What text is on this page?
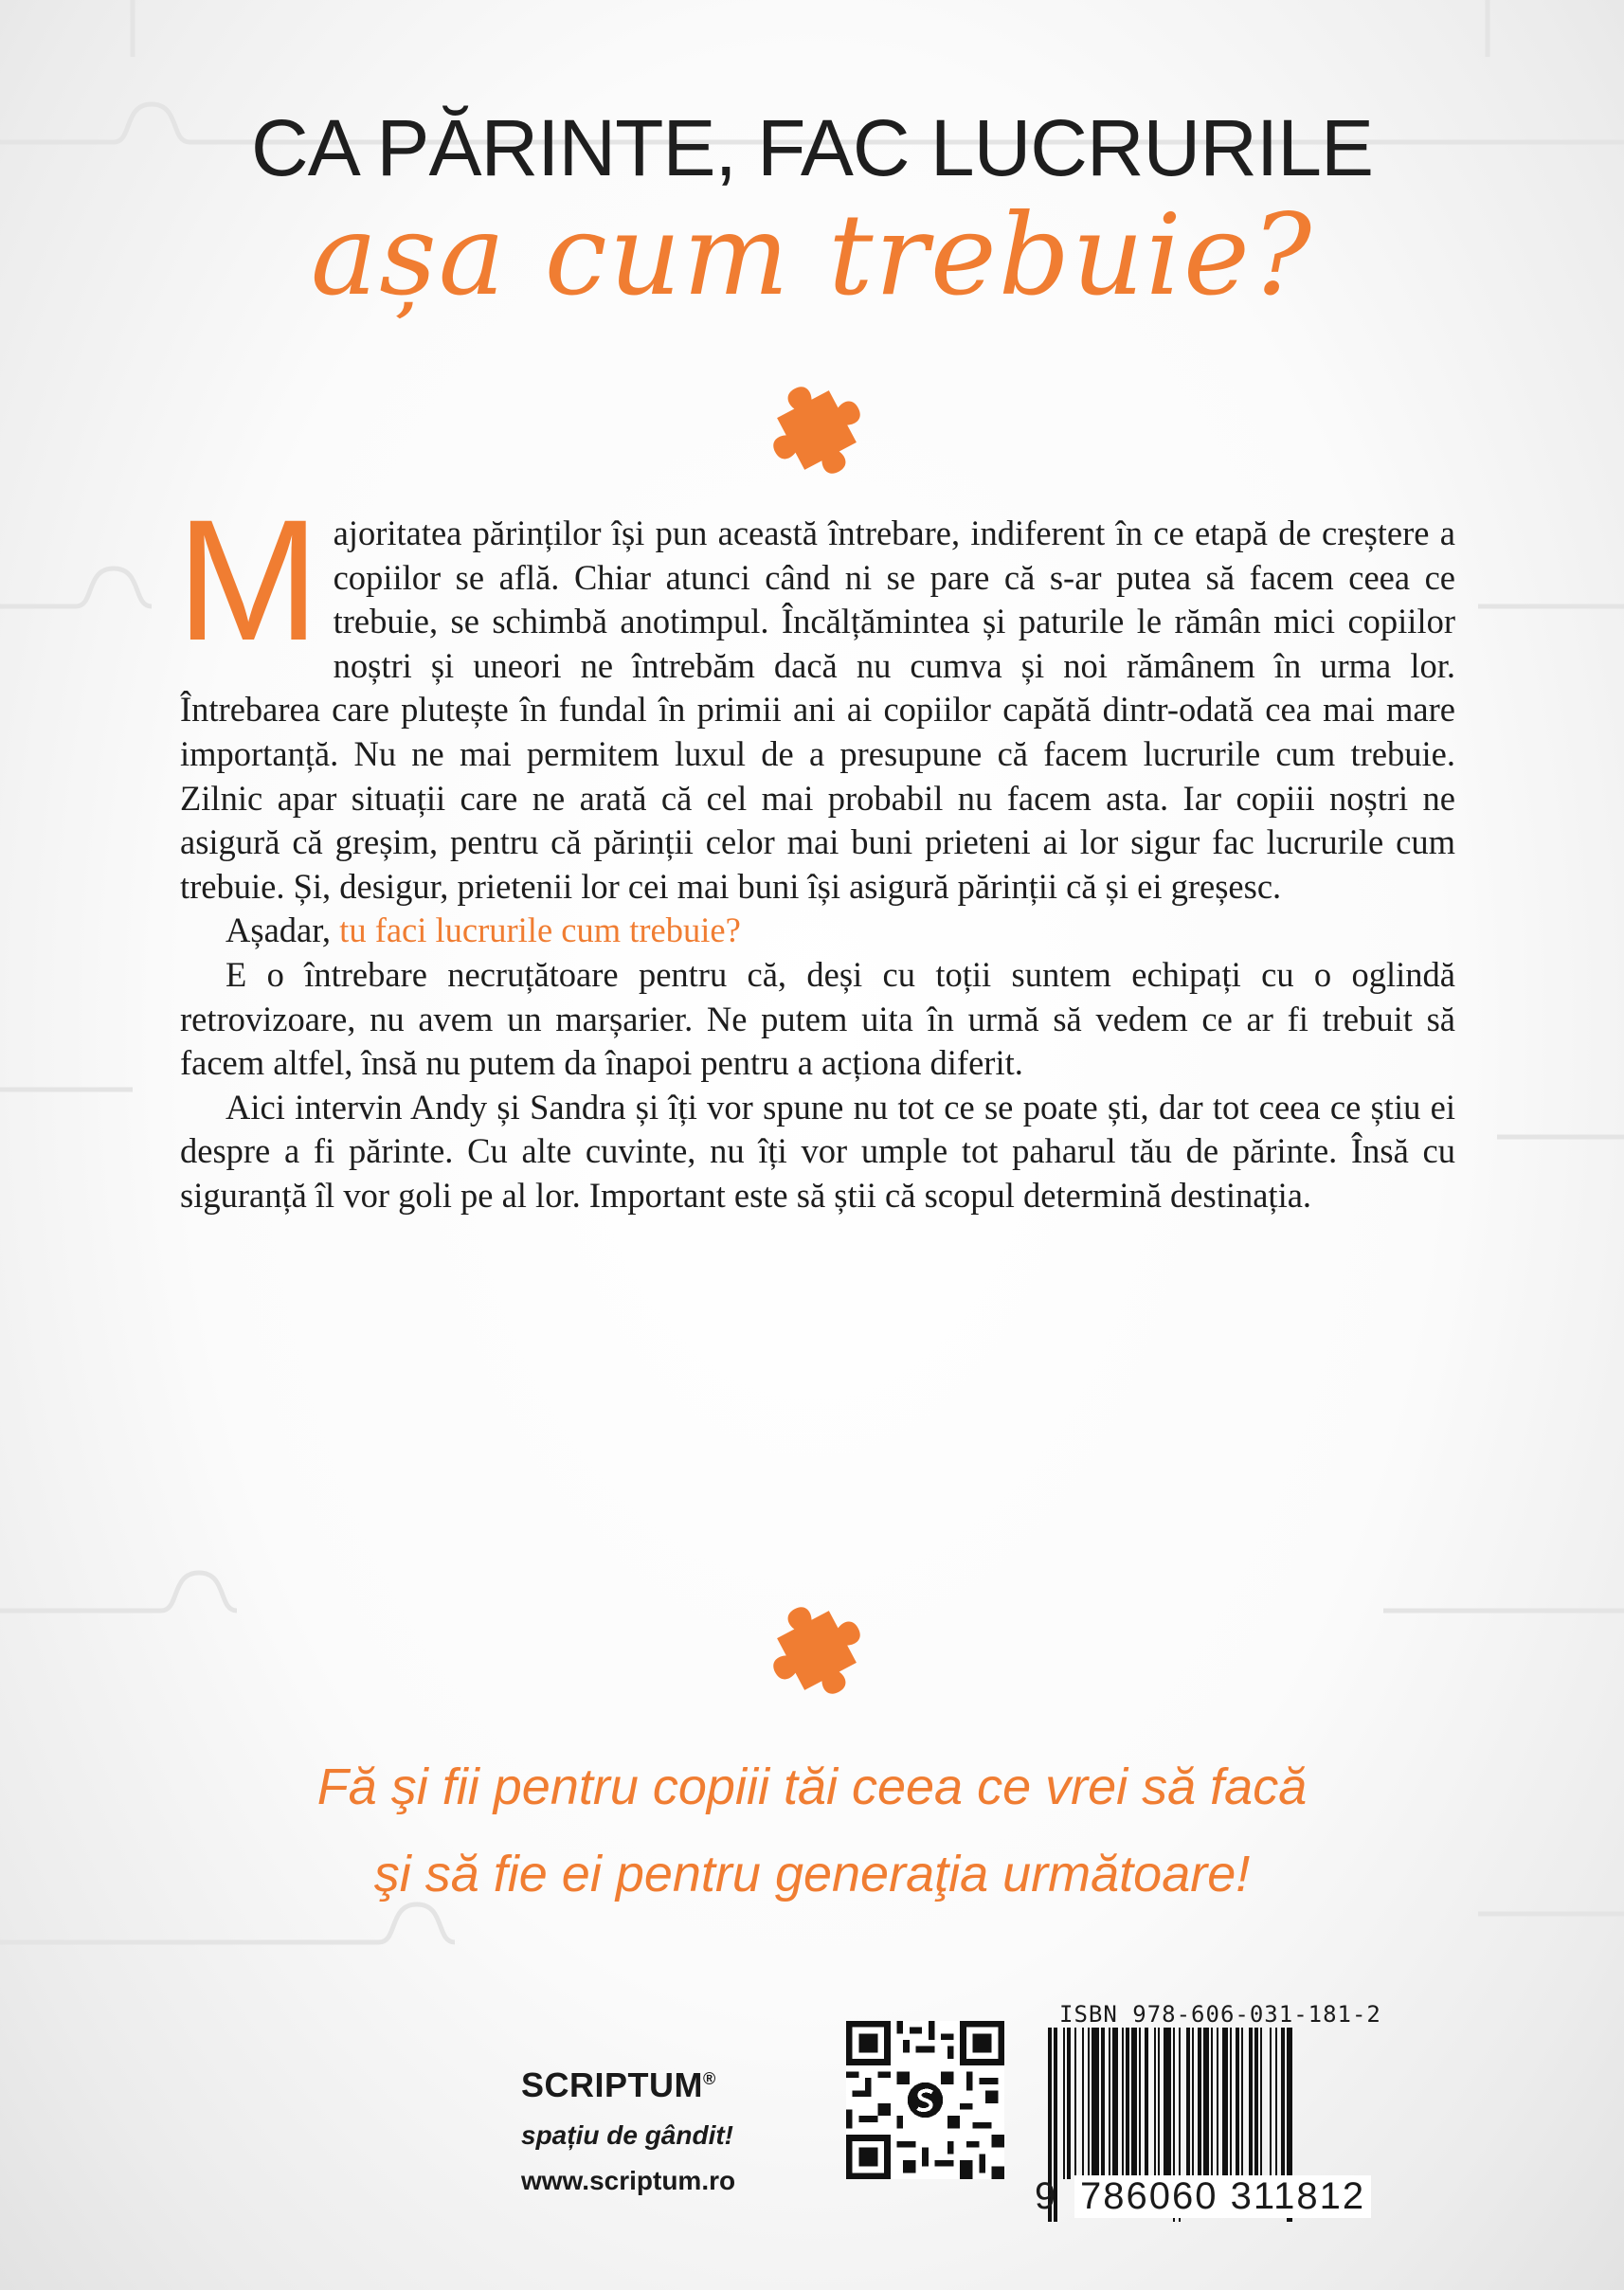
CA PĂRINTE, FAC LUCRURILE
așa cum trebuie?

Majoritatea părinților își pun această întrebare, indiferent în ce etapă de creștere a copiilor se află. Chiar atunci când ni se pare că s-ar putea să facem ceea ce trebuie, se schimbă anotimpul. Încălțămintea și paturile le rămân mici copiilor noștri și uneori ne întrebăm dacă nu cumva și noi rămânem în urma lor. Întrebarea care plutește în fundal în primii ani ai copiilor capătă dintr-odată cea mai mare importanță. Nu ne mai permitem luxul de a presupune că facem lucrurile cum trebuie. Zilnic apar situații care ne arată că cel mai probabil nu facem asta. Iar copiii noștri ne asigură că greșim, pentru că părinții celor mai buni prieteni ai lor sigur fac lucrurile cum trebuie. Și, desigur, prietenii lor cei mai buni își asigură părinții că și ei greșesc.

Așadar, tu faci lucrurile cum trebuie?

E o întrebare necruțătoare pentru că, deși cu toții suntem echipați cu o oglindă retrovizoare, nu avem un marșarier. Ne putem uita în urmă să vedem ce ar fi trebuit să facem altfel, însă nu putem da înapoi pentru a acționa diferit.

Aici intervin Andy și Sandra și îți vor spune nu tot ce se poate ști, dar tot ceea ce știu ei despre a fi părinte. Cu alte cuvinte, nu îți vor umple tot paharul tău de părinte. Însă cu siguranță îl vor goli pe al lor. Important este să știi că scopul determină destinația.

Fă şi fii pentru copiii tăi ceea ce vrei să facă
şi să fie ei pentru generaţia următoare!
SCRIPTUM®
spațiu de gândit!
www.scriptum.ro
ISBN 978-606-031-181-2
9 786060 311812
